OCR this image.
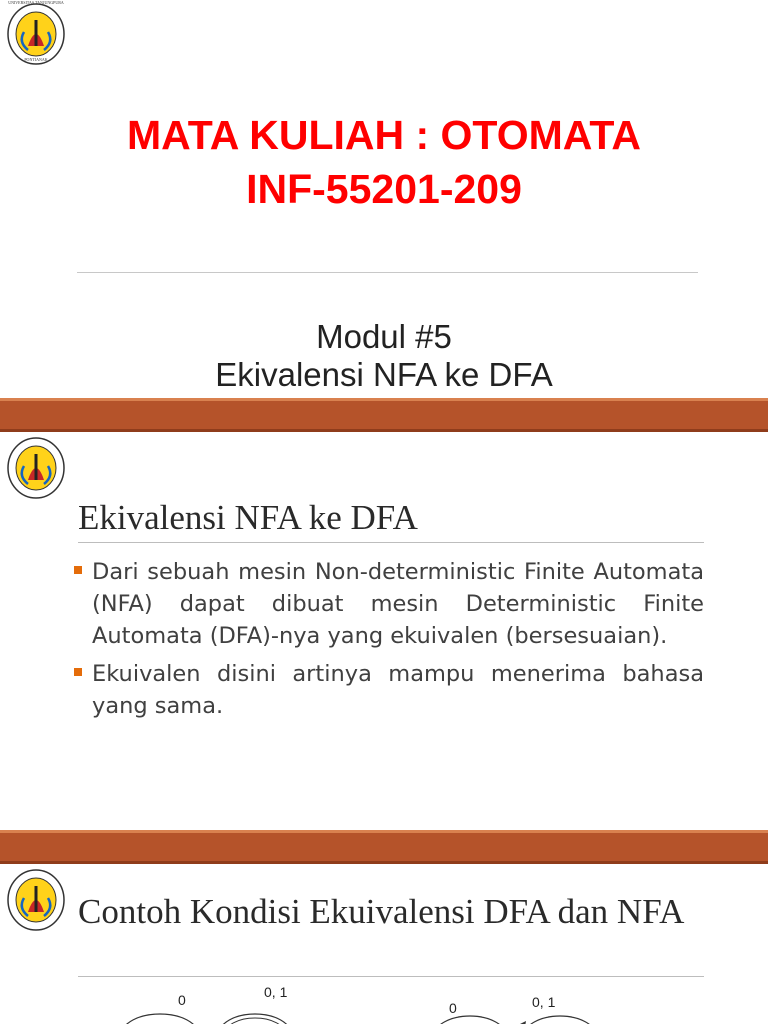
UNIVERSITAS TANJUNGPURA
PONTIANAK
MATA KULIAH : OTOMATA
INF-55201-209
Modul #5
Ekivalensi NFA ke DFA
Ekivalensi NFA ke DFA
Dari sebuah mesin Non-deterministic Finite Automata (NFA) dapat dibuat mesin Deterministic Finite Automata (DFA)-nya yang ekuivalen (bersesuaian).
Ekuivalen disini artinya mampu menerima bahasa yang sama.
Contoh Kondisi Ekuivalensi DFA dan NFA
0	0, 1
0	0, 1
